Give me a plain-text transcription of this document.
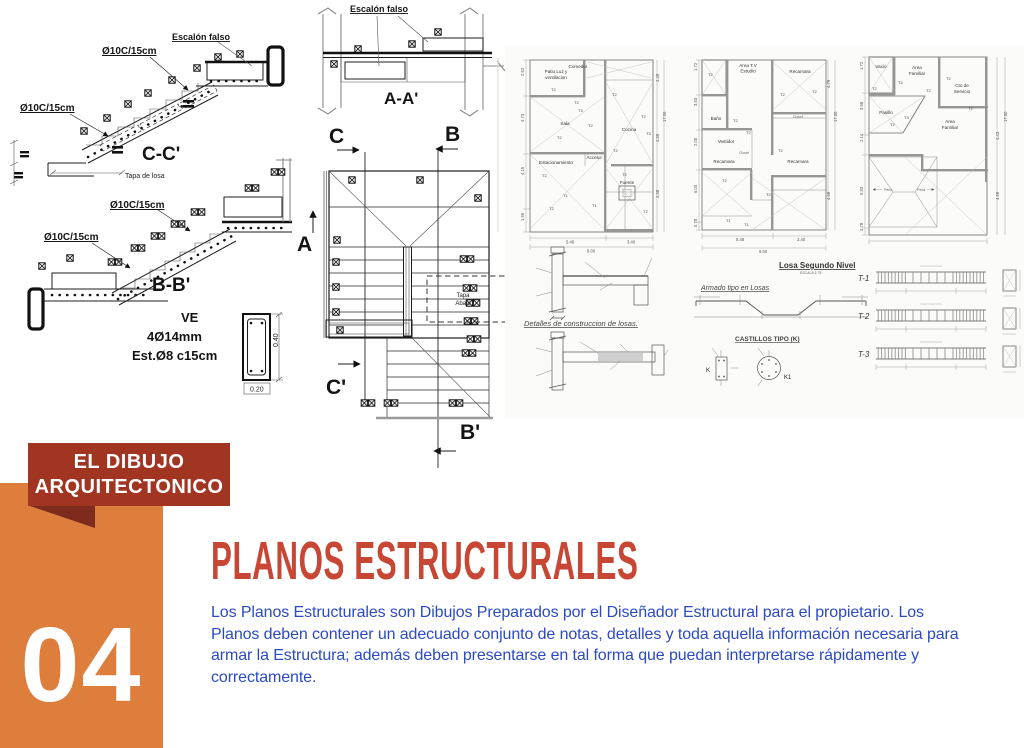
Escalón falso
Ø10C/15cm
Ø10C/15cm
C-C'
Tapa de losa
Ø10C/15cm
Ø10C/15cm
B-B'
VE
4Ø14mm
Est.Ø8 c15cm
0.40
0.20
Escalón falso
A-A'
C	B
A
Tapa
Abajo
C'
B'
Comedor
Patio Luz y
ventilacion
Sala
Cocina
Estacionamiento
Acceso
Fuente
T2
T2
T2
T2
T2
T2
T2
T2
T2
T2
T2
T3
T3
T1
T1
2.52
4.73
4.15
1.56
4.49
4.59
4.68
17.06
5.48	3.40
9.00
Area T.V
Estudio	Recamara
Baño
Vestidor
Recamara	Recamara
Closet
Closet
T2
T2
T2
T2
T2
T2
T2
T2
T1
T1
1.72
3.53
2.00
5.00
0.78
4.79
4.69
17.00
5.48	3.40
9.00
Vacio	Area
Familiar
Cto de
Servicio
Pasillo
Area
Familiar
Pend.	Pend.
T2
T2
T2
T2
T2
T2
T3
1.72
3.58
2.14
5.83
0.78
4.43
4.69
17.00
Detalles de construccion de losas.
Losa Segundo Nivel
ESCALA 1:75
Armado tipo en Losas
CASTILLOS TIPO (K)
K
K1
T-1
T-2
T-3
EL DIBUJO
ARQUITECTONICO
04
PLANOS ESTRUCTURALES

Los Planos Estructurales son Dibujos Preparados por el Diseñador Estructural para el propietario. Los Planos deben contener un adecuado conjunto de notas, detalles y toda aquella información necesaria para armar la Estructura; además deben presentarse en tal forma que puedan interpretarse rápidamente y correctamente.
